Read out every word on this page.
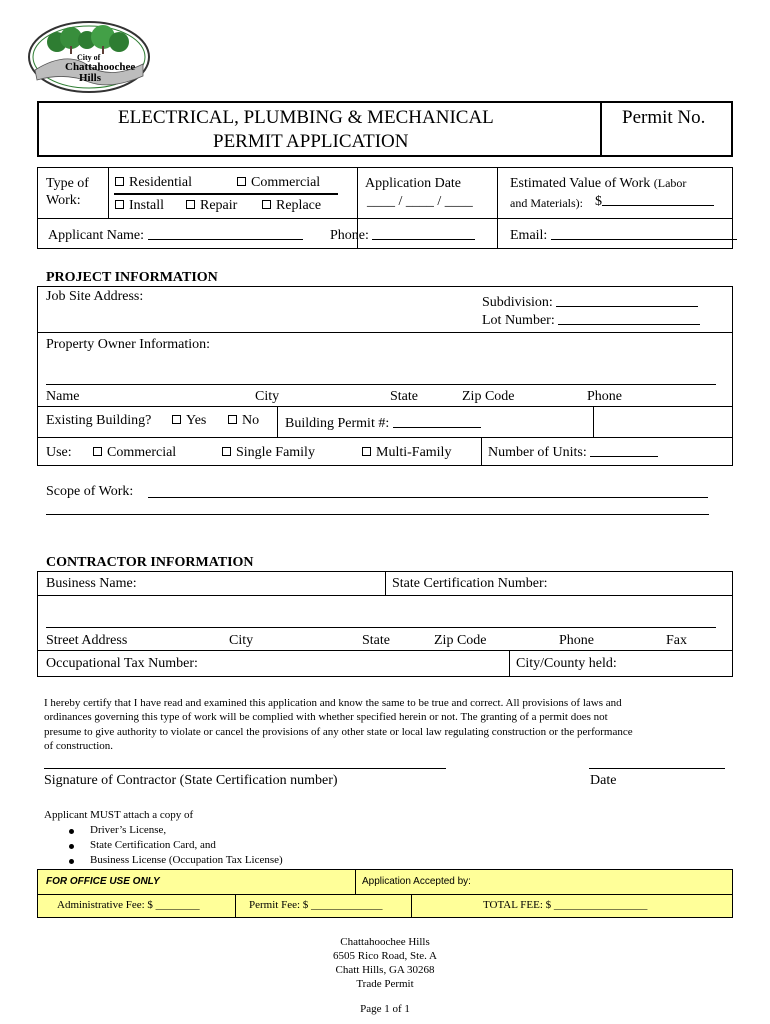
City of
Chattahoochee
Hills
ELECTRICAL, PLUMBING & MECHANICAL
PERMIT APPLICATION
Permit No.
Type of
Work:
Residential	Commercial
Install	Repair	Replace
Application Date
____ / ____ / ____
Estimated Value of Work (Labor
and Materials): $
Applicant Name:	Phone:	Email:
PROJECT INFORMATION
Job Site Address:	Subdivision:
Lot Number:
Property Owner Information:
Name	City	State	Zip Code	Phone
Existing Building?	Yes	No Building Permit #:
Use:	Commercial	Single Family	Multi-Family	Number of Units:
Scope of Work:
CONTRACTOR INFORMATION
Business Name:	State Certification Number:
Street Address	City	State	Zip Code	Phone	Fax
Occupational Tax Number:	City/County held:
I hereby certify that I have read and examined this application and know the same to be true and correct. All provisions of laws and
ordinances governing this type of work will be complied with whether specified herein or not. The granting of a permit does not
presume to give authority to violate or cancel the provisions of any other state or local law regulating construction or the performance
of construction.
Signature of Contractor (State Certification number)	Date
Applicant MUST attach a copy of
Driver’s License,
State Certification Card, and
Business License (Occupation Tax License)
FOR OFFICE USE ONLY	Application Accepted by:
Administrative Fee: $ ________	Permit Fee: $ _____________	TOTAL FEE: $ _________________
Chattahoochee Hills
6505 Rico Road, Ste. A
Chatt Hills, GA 30268
Trade Permit
Page 1 of 1
